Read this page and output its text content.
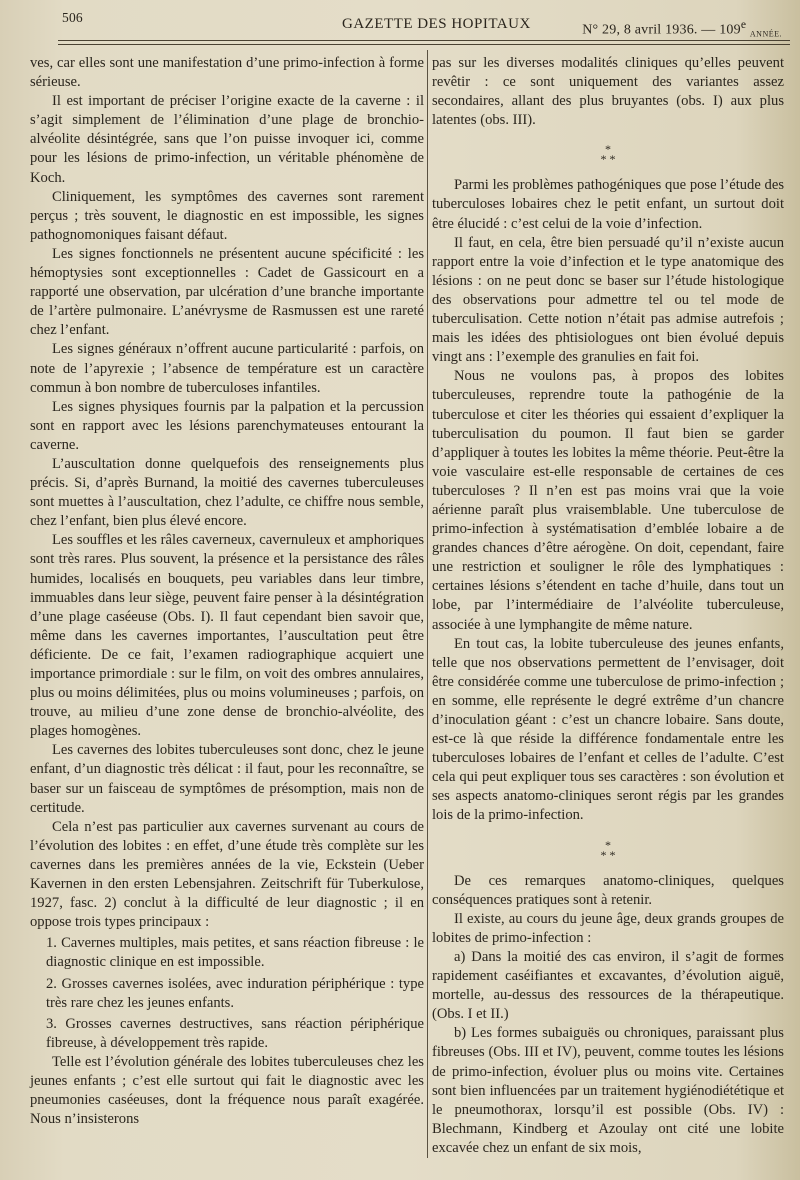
506	GAZETTE DES HOPITAUX	N° 29, 8 avril 1936. — 109e $_{ANNÉE.}$

ves, car elles sont une manifestation d’une primo-infection à forme sérieuse.

Il est important de préciser l’origine exacte de la caverne : il s’agit simplement de l’élimination d’une plage de bronchio-alvéolite désintégrée, sans que l’on puisse invoquer ici, comme pour les lésions de primo-infection, un véritable phénomène de Koch.

Cliniquement, les symptômes des cavernes sont rarement perçus ; très souvent, le diagnostic en est impossible, les signes pathognomoniques faisant défaut.

Les signes fonctionnels ne présentent aucune spécificité : les hémoptysies sont exceptionnelles : Cadet de Gassicourt en a rapporté une observation, par ulcération d’une branche importante de l’artère pulmonaire. L’anévrysme de Rasmussen est une rareté chez l’enfant.

Les signes généraux n’offrent aucune particularité : parfois, on note de l’apyrexie ; l’absence de température est un caractère commun à bon nombre de tuberculoses infantiles.

Les signes physiques fournis par la palpation et la percussion sont en rapport avec les lésions parenchymateuses entourant la caverne.

L’auscultation donne quelquefois des renseignements plus précis. Si, d’après Burnand, la moitié des cavernes tuberculeuses sont muettes à l’auscultation, chez l’adulte, ce chiffre nous semble, chez l’enfant, bien plus élevé encore.

Les souffles et les râles caverneux, cavernuleux et amphoriques sont très rares. Plus souvent, la présence et la persistance des râles humides, localisés en bouquets, peu variables dans leur timbre, immuables dans leur siège, peuvent faire penser à la désintégration d’une plage caséeuse (Obs. I). Il faut cependant bien savoir que, même dans les cavernes importantes, l’auscultation peut être déficiente. De ce fait, l’examen radiographique acquiert une importance primordiale : sur le film, on voit des ombres annulaires, plus ou moins délimitées, plus ou moins volumineuses ; parfois, on trouve, au milieu d’une zone dense de bronchio-alvéolite, des plages homogènes.

Les cavernes des lobites tuberculeuses sont donc, chez le jeune enfant, d’un diagnostic très délicat : il faut, pour les reconnaître, se baser sur un faisceau de symptômes de présomption, mais non de certitude.

Cela n’est pas particulier aux cavernes survenant au cours de l’évolution des lobites : en effet, d’une étude très complète sur les cavernes dans les premières années de la vie, Eckstein (Ueber Kavernen in den ersten Lebensjahren. Zeitschrift für Tuberkulose, 1927, fasc. 2) conclut à la difficulté de leur diagnostic ; il en oppose trois types principaux :

1. Cavernes multiples, mais petites, et sans réaction fibreuse : le diagnostic clinique en est impossible.

2. Grosses cavernes isolées, avec induration périphérique : type très rare chez les jeunes enfants.

3. Grosses cavernes destructives, sans réaction périphérique fibreuse, à développement très rapide.

Telle est l’évolution générale des lobites tuberculeuses chez les jeunes enfants ; c’est elle surtout qui fait le diagnostic avec les pneumonies caséeuses, dont la fréquence nous paraît exagérée. Nous n’insisterons

pas sur les diverses modalités cliniques qu’elles peuvent revêtir : ce sont uniquement des variantes assez secondaires, allant des plus bruyantes (obs. I) aux plus latentes (obs. III).

*
* *

Parmi les problèmes pathogéniques que pose l’étude des tuberculoses lobaires chez le petit enfant, un surtout doit être élucidé : c’est celui de la voie d’infection.

Il faut, en cela, être bien persuadé qu’il n’existe aucun rapport entre la voie d’infection et le type anatomique des lésions : on ne peut donc se baser sur l’étude histologique des observations pour admettre tel ou tel mode de tuberculisation. Cette notion n’était pas admise autrefois ; mais les idées des phtisiologues ont bien évolué depuis vingt ans : l’exemple des granulies en fait foi.

Nous ne voulons pas, à propos des lobites tuberculeuses, reprendre toute la pathogénie de la tuberculose et citer les théories qui essaient d’expliquer la tuberculisation du poumon. Il faut bien se garder d’appliquer à toutes les lobites la même théorie. Peut-être la voie vasculaire est-elle responsable de certaines de ces tuberculoses ? Il n’en est pas moins vrai que la voie aérienne paraît plus vraisemblable. Une tuberculose de primo-infection à systématisation d’emblée lobaire a de grandes chances d’être aérogène. On doit, cependant, faire une restriction et souligner le rôle des lymphatiques : certaines lésions s’étendent en tache d’huile, dans tout un lobe, par l’intermédiaire de l’alvéolite tuberculeuse, associée à une lymphangite de même nature.

En tout cas, la lobite tuberculeuse des jeunes enfants, telle que nos observations permettent de l’envisager, doit être considérée comme une tuberculose de primo-infection ; en somme, elle représente le degré extrême d’un chancre d’inoculation géant : c’est un chancre lobaire. Sans doute, est-ce là que réside la différence fondamentale entre les tuberculoses lobaires de l’enfant et celles de l’adulte. C’est cela qui peut expliquer tous ses caractères : son évolution et ses aspects anatomo-cliniques seront régis par les grandes lois de la primo-infection.

*
* *

De ces remarques anatomo-cliniques, quelques conséquences pratiques sont à retenir.

Il existe, au cours du jeune âge, deux grands groupes de lobites de primo-infection :

a) Dans la moitié des cas environ, il s’agit de formes rapidement caséifiantes et excavantes, d’évolution aiguë, mortelle, au-dessus des ressources de la thérapeutique. (Obs. I et II.)

b) Les formes subaiguës ou chroniques, paraissant plus fibreuses (Obs. III et IV), peuvent, comme toutes les lésions de primo-infection, évoluer plus ou moins vite. Certaines sont bien influencées par un traitement hygiénodiététique et le pneumothorax, lorsqu’il est possible (Obs. IV) : Blechmann, Kindberg et Azoulay ont cité une lobite excavée chez un enfant de six mois,
